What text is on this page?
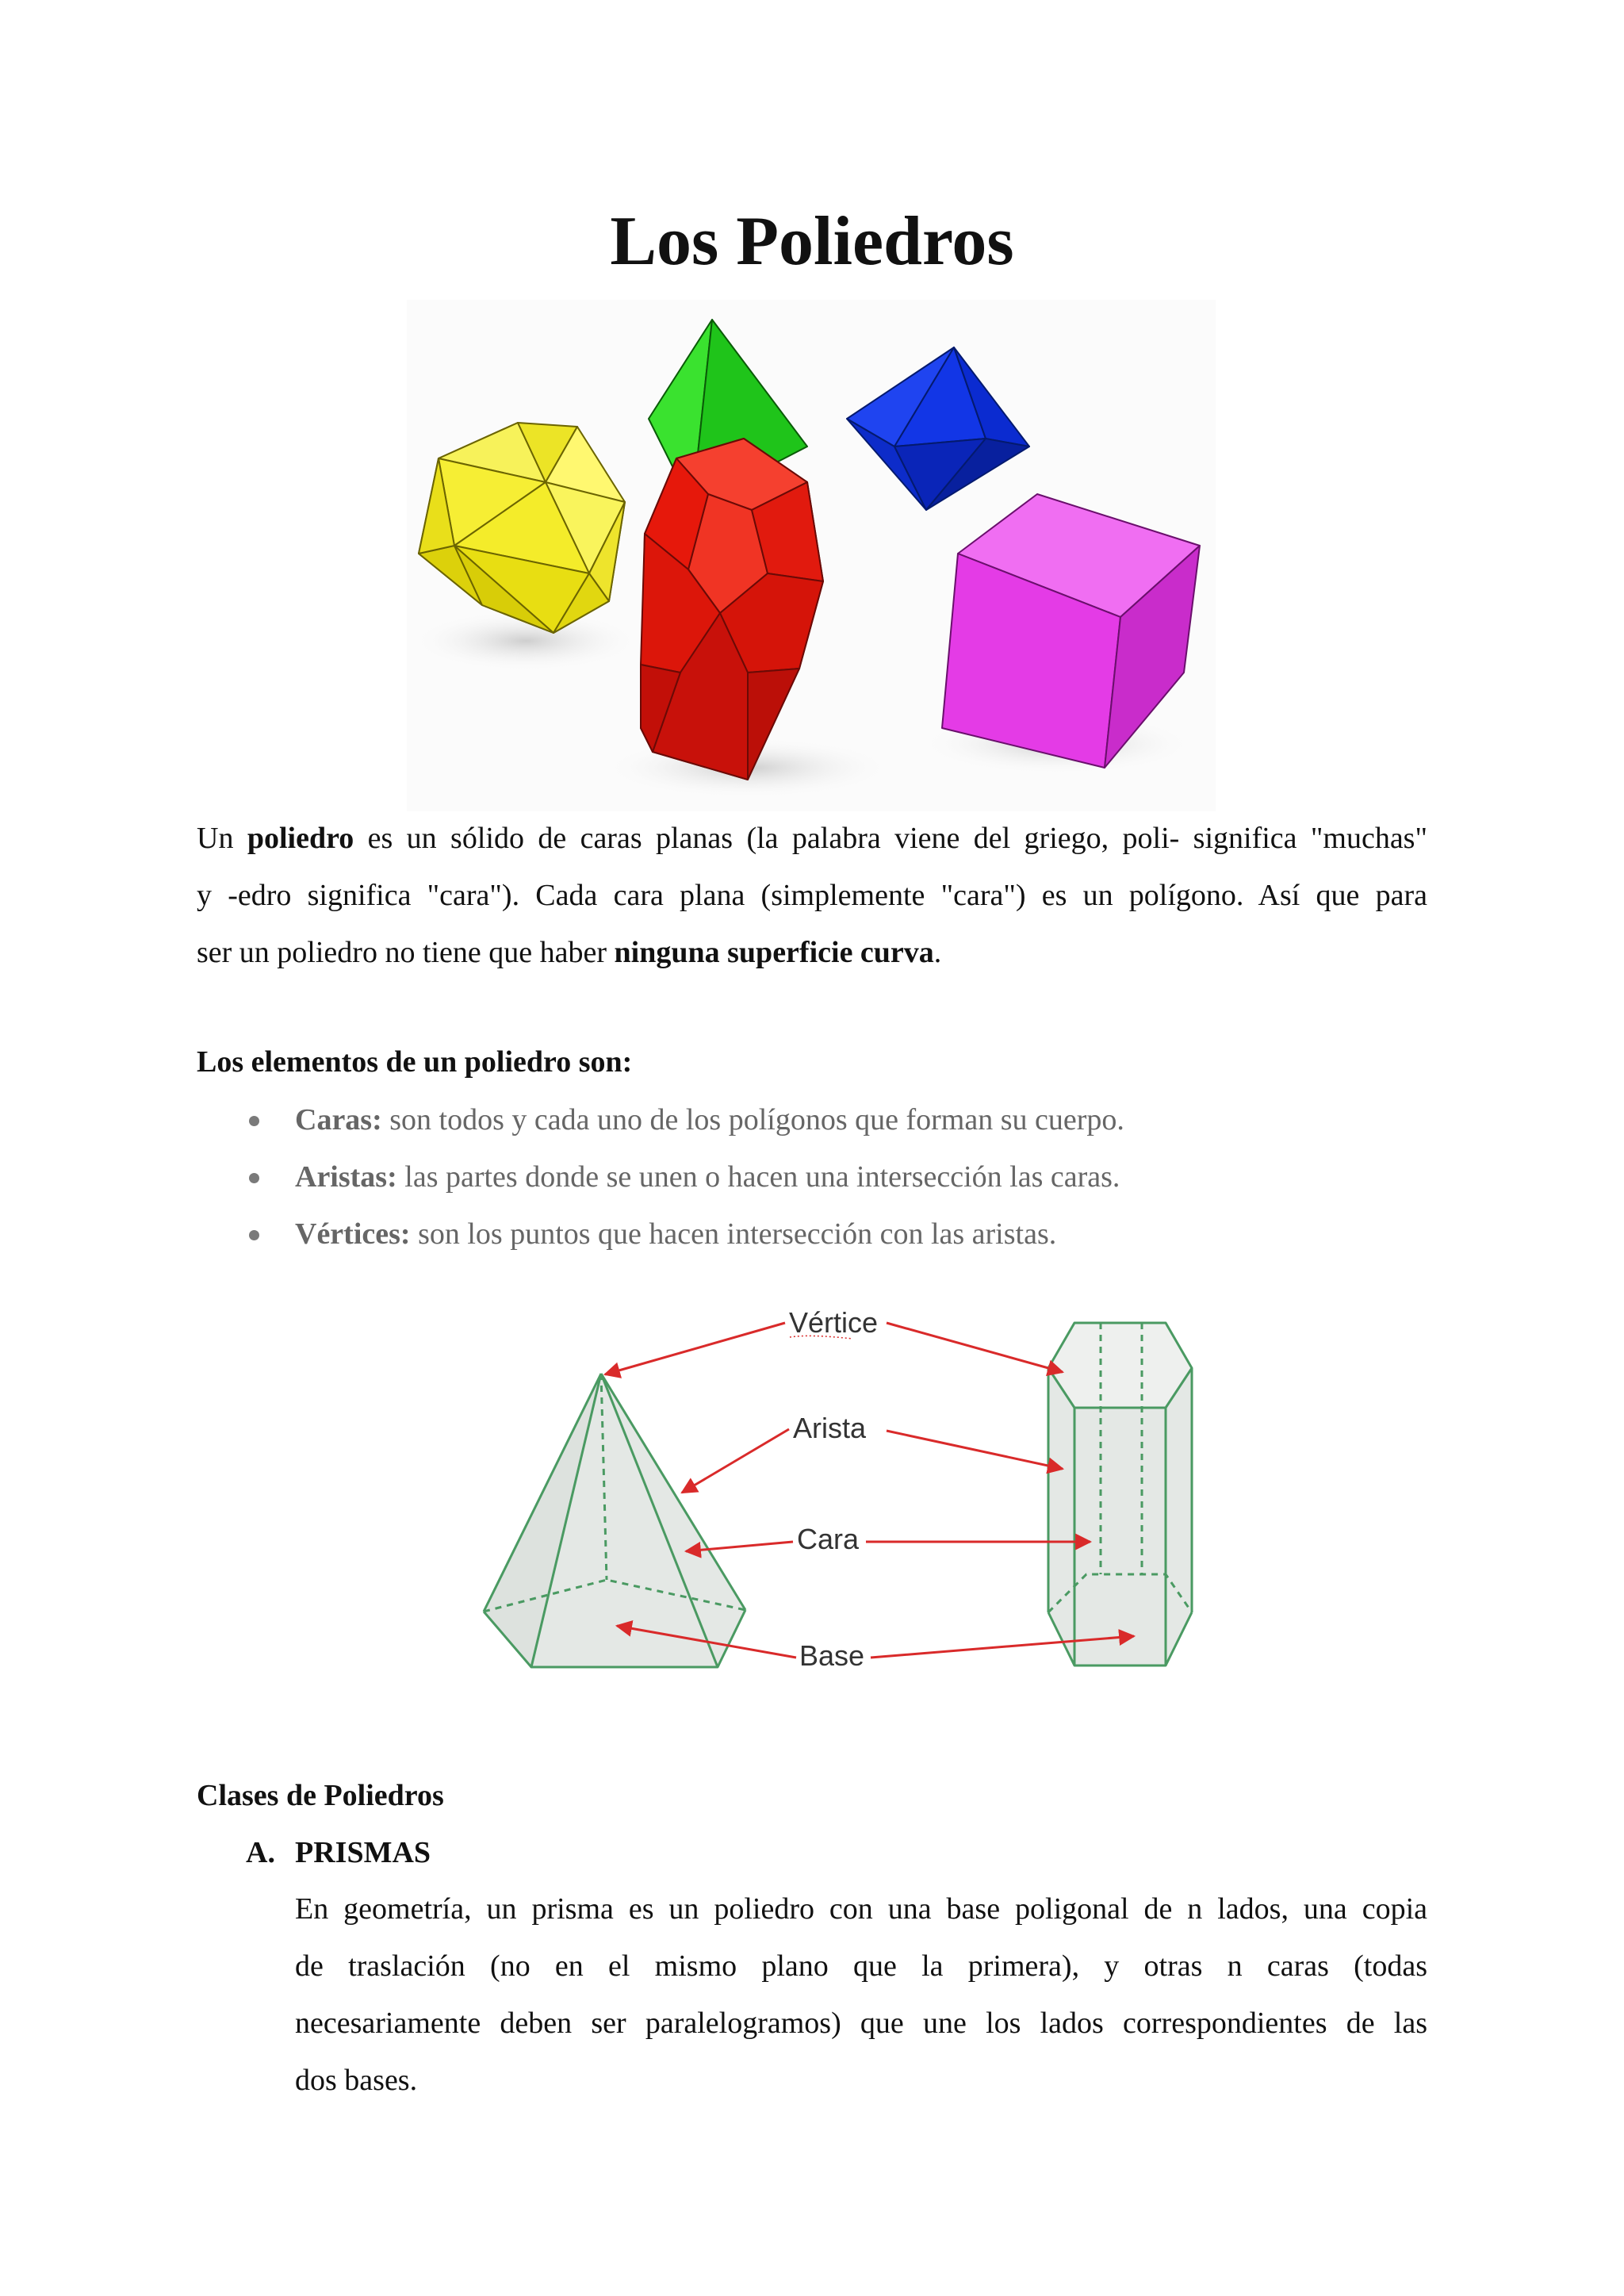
Los Poliedros
Un poliedro es un sólido de caras planas (la palabra viene del griego, poli- significa "muchas"
y -edro significa "cara"). Cada cara plana (simplemente "cara") es un polígono. Así que para
ser un poliedro no tiene que haber ninguna superficie curva.
Los elementos de un poliedro son:
Caras: son todos y cada uno de los polígonos que forman su cuerpo.
Aristas: las partes donde se unen o hacen una intersección las caras.
Vértices: son los puntos que hacen intersección con las aristas.
Vértice
Arista
Cara
Base
Clases de Poliedros
A. PRISMAS
En geometría, un prisma es un poliedro con una base poligonal de n lados, una copia
de traslación (no en el mismo plano que la primera), y otras n caras (todas
necesariamente deben ser paralelogramos) que une los lados correspondientes de las
dos bases.
